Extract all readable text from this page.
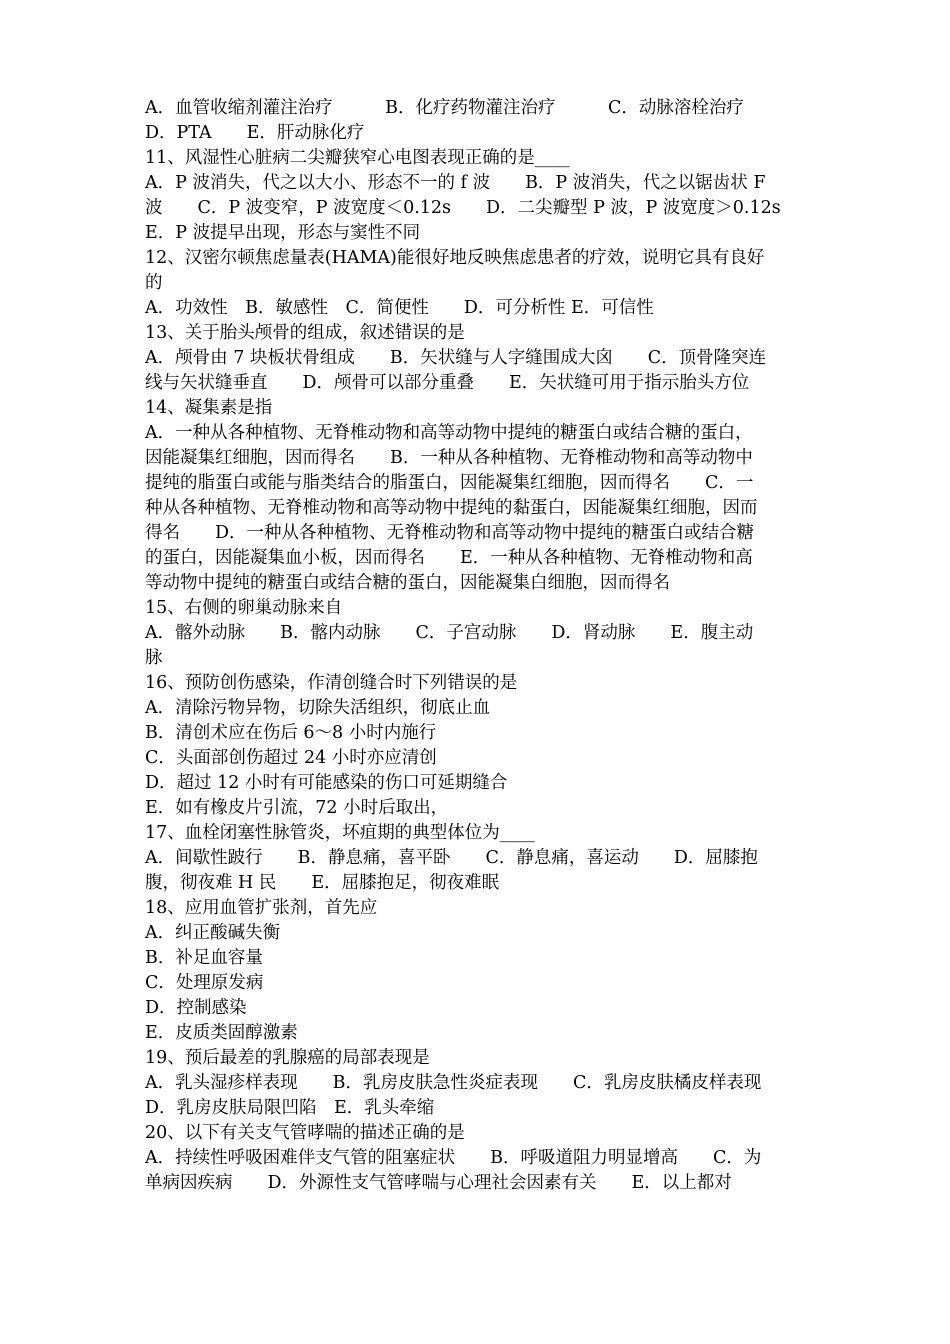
A．血管收缩剂灌注治疗　　　B．化疗药物灌注治疗　　　C．动脉溶栓治疗
D．PTA　　E．肝动脉化疗
11、风湿性心脏病二尖瓣狭窄心电图表现正确的是____
A．P 波消失，代之以大小、形态不一的 f 波　　B．P 波消失，代之以锯齿状 F
波　　C．P 波变窄，P 波宽度＜0.12s　　D．二尖瓣型 P 波，P 波宽度＞0.12s
E．P 波提早出现，形态与窦性不同
12、汉密尔顿焦虑量表(HAMA)能很好地反映焦虑患者的疗效，说明它具有良好
的
A．功效性　B．敏感性　C．简便性　　D．可分析性 E．可信性
13、关于胎头颅骨的组成，叙述错误的是
A．颅骨由 7 块板状骨组成　　B．矢状缝与人字缝围成大囟　　C．顶骨隆突连
线与矢状缝垂直　　D．颅骨可以部分重叠　　E．矢状缝可用于指示胎头方位
14、凝集素是指
A．一种从各种植物、无脊椎动物和高等动物中提纯的糖蛋白或结合糖的蛋白，
因能凝集红细胞，因而得名　　B．一种从各种植物、无脊椎动物和高等动物中
提纯的脂蛋白或能与脂类结合的脂蛋白，因能凝集红细胞，因而得名　　C．一
种从各种植物、无脊椎动物和高等动物中提纯的黏蛋白，因能凝集红细胞，因而
得名　　D．一种从各种植物、无脊椎动物和高等动物中提纯的糖蛋白或结合糖
的蛋白，因能凝集血小板，因而得名　　E．一种从各种植物、无脊椎动物和高
等动物中提纯的糖蛋白或结合糖的蛋白，因能凝集白细胞，因而得名
15、右侧的卵巢动脉来自
A．髂外动脉　　B．髂内动脉　　C．子宫动脉　　D．肾动脉　　E．腹主动
脉
16、预防创伤感染，作清创缝合时下列错误的是
A．清除污物异物，切除失活组织，彻底止血
B．清创术应在伤后 6～8 小时内施行
C．头面部创伤超过 24 小时亦应清创
D．超过 12 小时有可能感染的伤口可延期缝合
E．如有橡皮片引流，72 小时后取出，
17、血栓闭塞性脉管炎，坏疽期的典型体位为____
A．间歇性跛行　　B．静息痛，喜平卧　　C．静息痛，喜运动　　D．屈膝抱
腹，彻夜难 H 民　　E．屈膝抱足，彻夜难眠
18、应用血管扩张剂，首先应
A．纠正酸碱失衡
B．补足血容量
C．处理原发病
D．控制感染
E．皮质类固醇激素
19、预后最差的乳腺癌的局部表现是
A．乳头湿疹样表现　　B．乳房皮肤急性炎症表现　　C．乳房皮肤橘皮样表现
D．乳房皮肤局限凹陷　E．乳头牵缩
20、以下有关支气管哮喘的描述正确的是
A．持续性呼吸困难伴支气管的阻塞症状　　B．呼吸道阻力明显增高　　C．为
单病因疾病　　D．外源性支气管哮喘与心理社会因素有关　　E．以上都对
